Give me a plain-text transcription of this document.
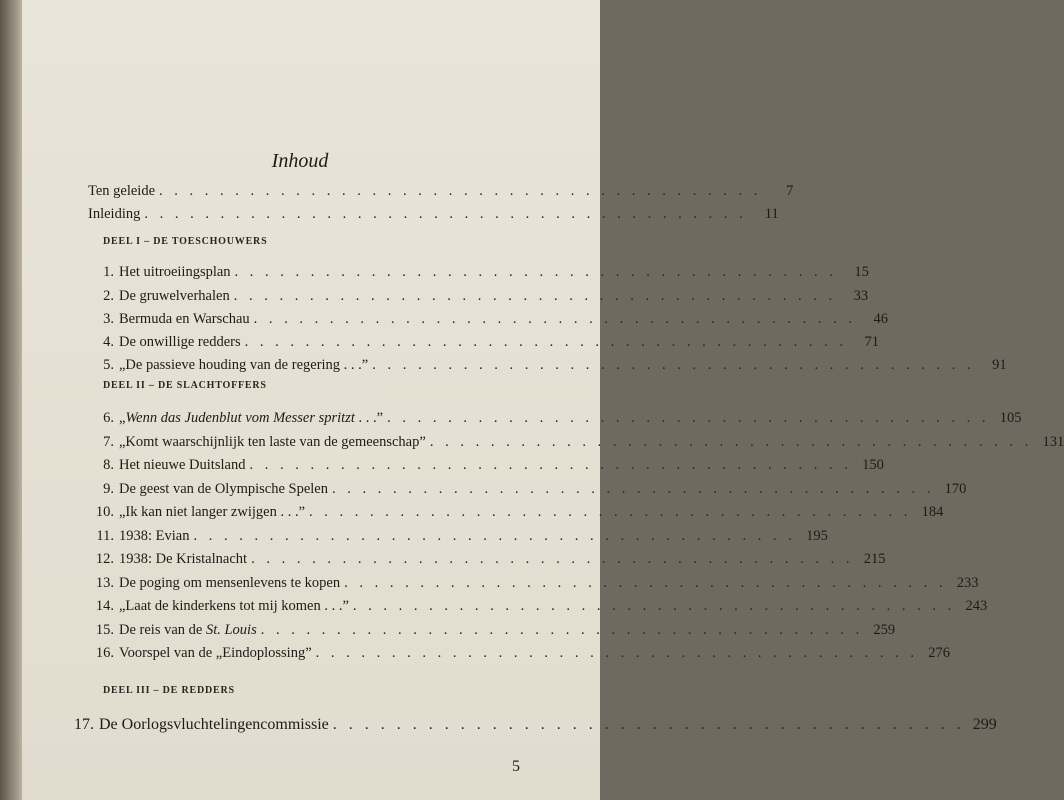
Inhoud
Ten geleide . . . . . . . . . . . . . . . . . . . . . . . . . . . . . . . . . . . . . . . .	7
Inleiding . . . . . . . . . . . . . . . . . . . . . . . . . . . . . . . . . . . . . . . .	11
DEEL I – DE TOESCHOUWERS
1. Het uitroeiingsplan . . . . . . . . . . . . . . . . . . . . . . . . . . . . . . . . . . . . . . . .	15
2. De gruwelverhalen . . . . . . . . . . . . . . . . . . . . . . . . . . . . . . . . . . . . . . . .	33
3. Bermuda en Warschau . . . . . . . . . . . . . . . . . . . . . . . . . . . . . . . . . . . . . . . .	46
4. De onwillige redders . . . . . . . . . . . . . . . . . . . . . . . . . . . . . . . . . . . . . . . .	71
5. „De passieve houding van de regering . . .” . . . . . . . . . . . . . . . . . . . . . . . . . . . . . . . . . . . . . . . .	91
DEEL II – DE SLACHTOFFERS
6. „Wenn das Judenblut vom Messer spritzt . . .” . . . . . . . . . . . . . . . . . . . . . . . . . . . . . . . . . . . . . . . . 105
7. „Komt waarschijnlijk ten laste van de gemeenschap” . . . . . . . . . . . . . . . . . . . . . . . . . . . . . . . . . . . . . . . . 131
8. Het nieuwe Duitsland . . . . . . . . . . . . . . . . . . . . . . . . . . . . . . . . . . . . . . . . 150
9. De geest van de Olympische Spelen . . . . . . . . . . . . . . . . . . . . . . . . . . . . . . . . . . . . . . . . 170
10. „Ik kan niet langer zwijgen . . .” . . . . . . . . . . . . . . . . . . . . . . . . . . . . . . . . . . . . . . . . 184
11. 1938: Evian . . . . . . . . . . . . . . . . . . . . . . . . . . . . . . . . . . . . . . . . 195
12. 1938: De Kristalnacht . . . . . . . . . . . . . . . . . . . . . . . . . . . . . . . . . . . . . . . . 215
13. De poging om mensenlevens te kopen . . . . . . . . . . . . . . . . . . . . . . . . . . . . . . . . . . . . . . . . 233
14. „Laat de kinderkens tot mij komen . . .” . . . . . . . . . . . . . . . . . . . . . . . . . . . . . . . . . . . . . . . . 243
15. De reis van de St. Louis . . . . . . . . . . . . . . . . . . . . . . . . . . . . . . . . . . . . . . . . 259
16. Voorspel van de „Eindoplossing” . . . . . . . . . . . . . . . . . . . . . . . . . . . . . . . . . . . . . . . . 276
DEEL III – DE REDDERS
17. De Oorlogsvluchtelingencommissie . . . . . . . . . . . . . . . . . . . . . . . . . . . . . . . . . . . . . . . . 299
5
